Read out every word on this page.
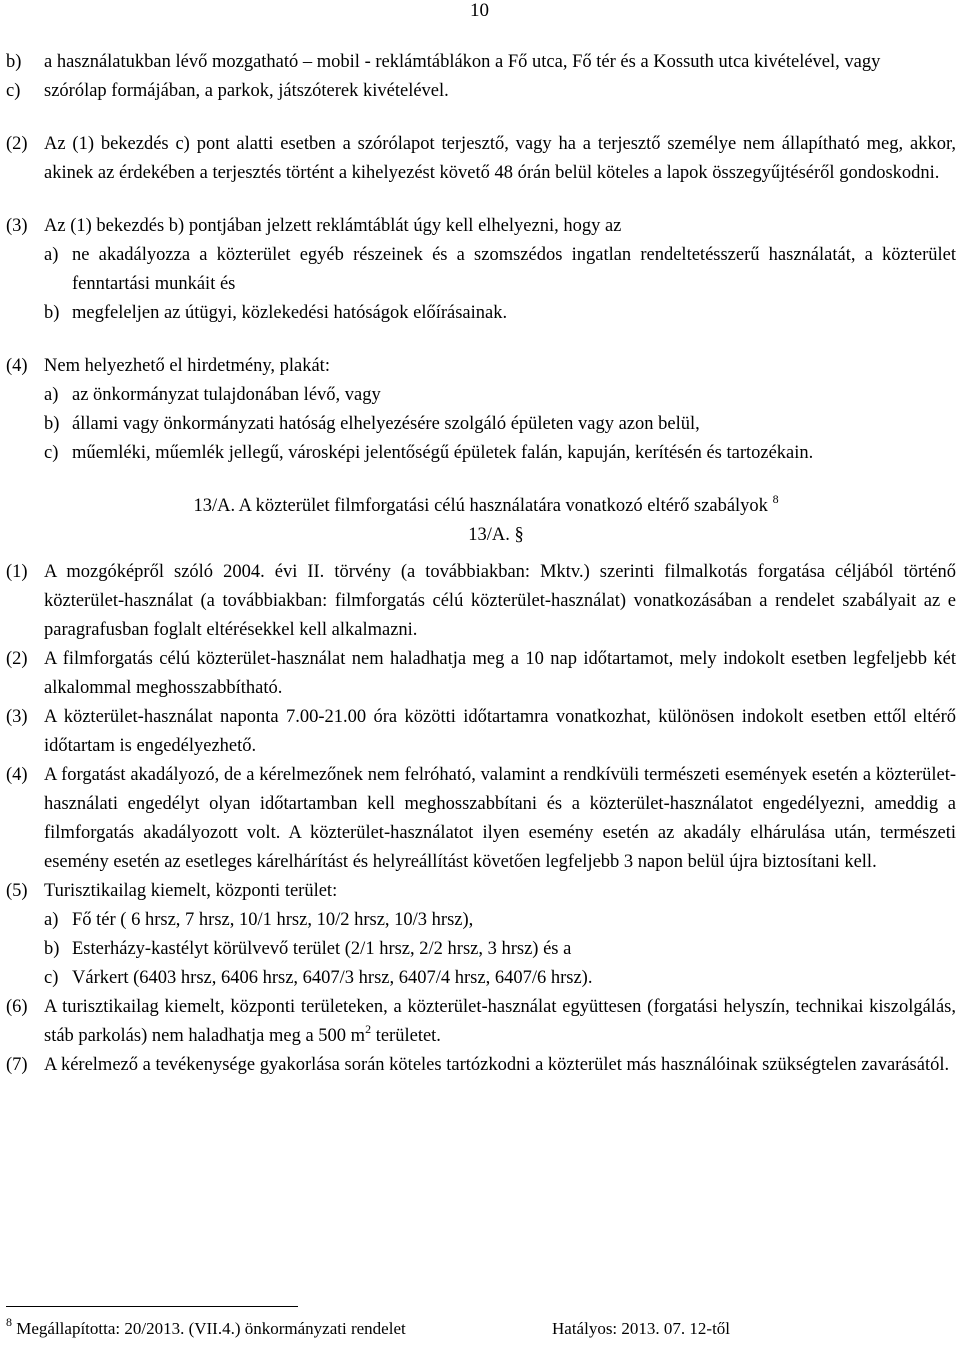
10
b)	a használatukban lévő mozgatható – mobil - reklámtáblákon a Fő utca, Fő tér és a Kossuth utca kivételével, vagy
c)	szórólap formájában, a parkok, játszóterek kivételével.
(2) Az (1) bekezdés c) pont alatti esetben a szórólapot terjesztő, vagy ha a terjesztő személye nem állapítható meg, akkor, akinek az érdekében a terjesztés történt a kihelyezést követő 48 órán belül köteles a lapok összegyűjtéséről gondoskodni.
(3) Az (1) bekezdés b) pontjában jelzett reklámtáblát úgy kell elhelyezni, hogy az
a) ne akadályozza a közterület egyéb részeinek és a szomszédos ingatlan rendeltetésszerű használatát, a közterület fenntartási munkáit és
b) megfeleljen az útügyi, közlekedési hatóságok előírásainak.
(4) Nem helyezhető el hirdetmény, plakát:
a) az önkormányzat tulajdonában lévő, vagy
b) állami vagy önkormányzati hatóság elhelyezésére szolgáló épületen vagy azon belül,
c) műemléki, műemlék jellegű, városképi jelentőségű épületek falán, kapuján, kerítésén és tartozékain.
13/A. A közterület filmforgatási célú használatára vonatkozó eltérő szabályok $^8$
13/A. §
(1) A mozgóképről szóló 2004. évi II. törvény (a továbbiakban: Mktv.) szerinti filmalkotás forgatása céljából történő közterület-használat (a továbbiakban: filmforgatás célú közterület-használat) vonatkozásában a rendelet szabályait az e paragrafusban foglalt eltérésekkel kell alkalmazni.
(2) A filmforgatás célú közterület-használat nem haladhatja meg a 10 nap időtartamot, mely indokolt esetben legfeljebb két alkalommal meghosszabbítható.
(3) A közterület-használat naponta 7.00-21.00 óra közötti időtartamra vonatkozhat, különösen indokolt esetben ettől eltérő időtartam is engedélyezhető.
(4) A forgatást akadályozó, de a kérelmezőnek nem felróható, valamint a rendkívüli természeti események esetén a közterület-használati engedélyt olyan időtartamban kell meghosszabbítani és a közterület-használatot engedélyezni, ameddig a filmforgatás akadályozott volt. A közterület-használatot ilyen esemény esetén az akadály elhárulása után, természeti esemény esetén az esetleges kárelhárítást és helyreállítást követően legfeljebb 3 napon belül újra biztosítani kell.
(5) Turisztikailag kiemelt, központi terület:
a) Fő tér ( 6 hrsz, 7 hrsz, 10/1 hrsz, 10/2 hrsz, 10/3 hrsz),
b) Esterházy-kastélyt körülvevő terület (2/1 hrsz, 2/2 hrsz, 3 hrsz) és a
c) Várkert (6403 hrsz, 6406 hrsz, 6407/3 hrsz, 6407/4 hrsz, 6407/6 hrsz).
(6) A turisztikailag kiemelt, központi területeken, a közterület-használat együttesen (forgatási helyszín, technikai kiszolgálás, stáb parkolás) nem haladhatja meg a 500 $m^2$ területet.
(7) A kérelmező a tevékenysége gyakorlása során köteles tartózkodni a közterület más használóinak szükségtelen zavarásától.
$^8$ Megállapította: 20/2013. (VII.4.) önkormányzati rendelet	Hatályos: 2013. 07. 12-től
